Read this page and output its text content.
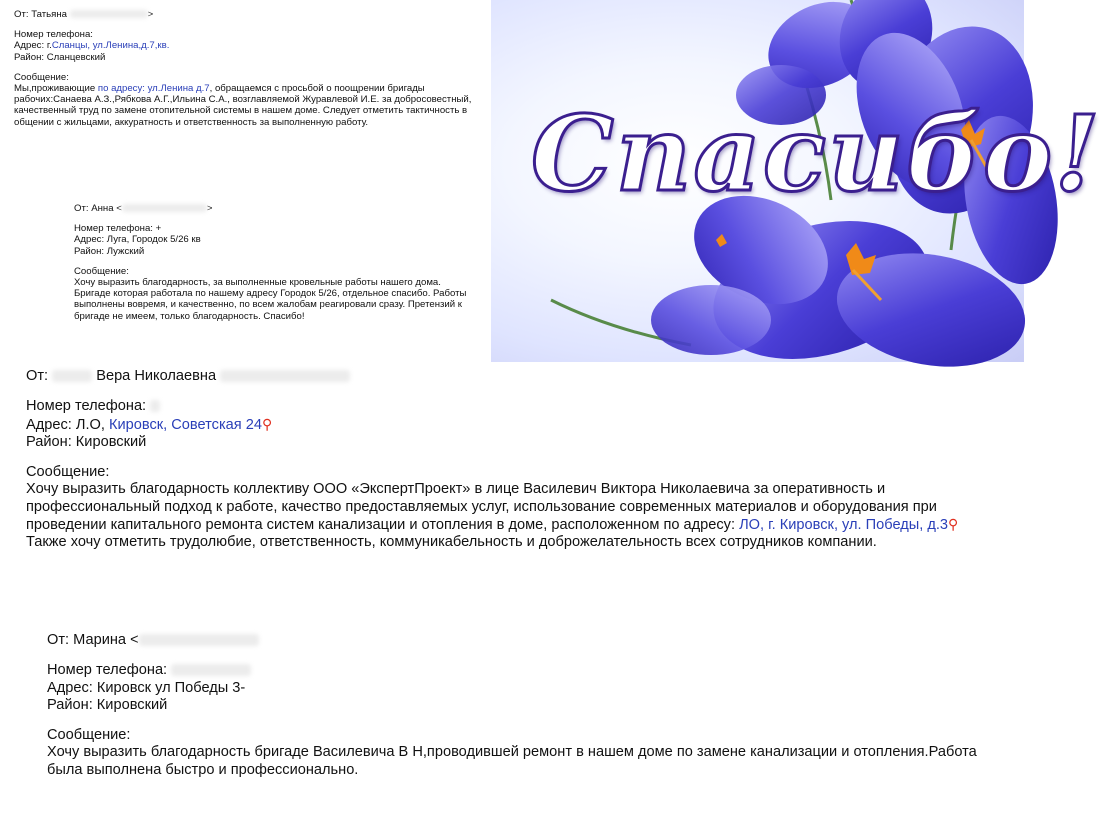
От: Татьяна	>
Номер телефона:
Адрес: г.Сланцы, ул.Ленина,д.7,кв.
Район: Сланцевский
Сообщение:
Мы,проживающие по адресу: ул.Ленина д.7, обращаемся с просьбой о поощрении бригады рабочих:Санаева А.З.,Рябкова А.Г.,Ильина С.А., возглавляемой Журавлевой И.Е. за добросовестный, качественный труд по замене отопительной системы в нашем доме. Следует отметить тактичность в общении с жильцами, аккуратность и ответственность за выполненную работу.
От: Анна <	>
Номер телефона: +
Адрес: Луга, Городок 5/26 кв
Район: Лужский
Сообщение:
Хочу выразить благодарность, за выполненные кровельные работы нашего дома. Бригаде которая работала по нашему адресу Городок 5/26, отдельное спасибо. Работы выполнены вовремя, и качественно, по всем жалобам реагировали сразу. Претензий к бригаде не имеем, только благодарность. Спасибо!
Спасибо!
От:	Вера Николаевна
Номер телефона:
Адрес: Л.О, Кировск, Советская 24⚲
Район: Кировский
Сообщение:
Хочу выразить благодарность коллективу ООО «ЭкспертПроект» в лице Василевич Виктора Николаевича за оперативность и профессиональный подход к работе, качество предоставляемых услуг, использование современных материалов и оборудования при проведении капитального ремонта систем канализации и отопления в доме, расположенном по адресу: ЛО, г. Кировск, ул. Победы, д.3⚲
Также хочу отметить трудолюбие, ответственность, коммуникабельность и доброжелательность всех сотрудников компании.
От: Марина <
Номер телефона:
Адрес: Кировск ул Победы 3-
Район: Кировский
Сообщение:
Хочу выразить благодарность бригаде Василевича В Н,проводившей ремонт в нашем доме по замене канализации и отопления.Работа была выполнена быстро и профессионально.
